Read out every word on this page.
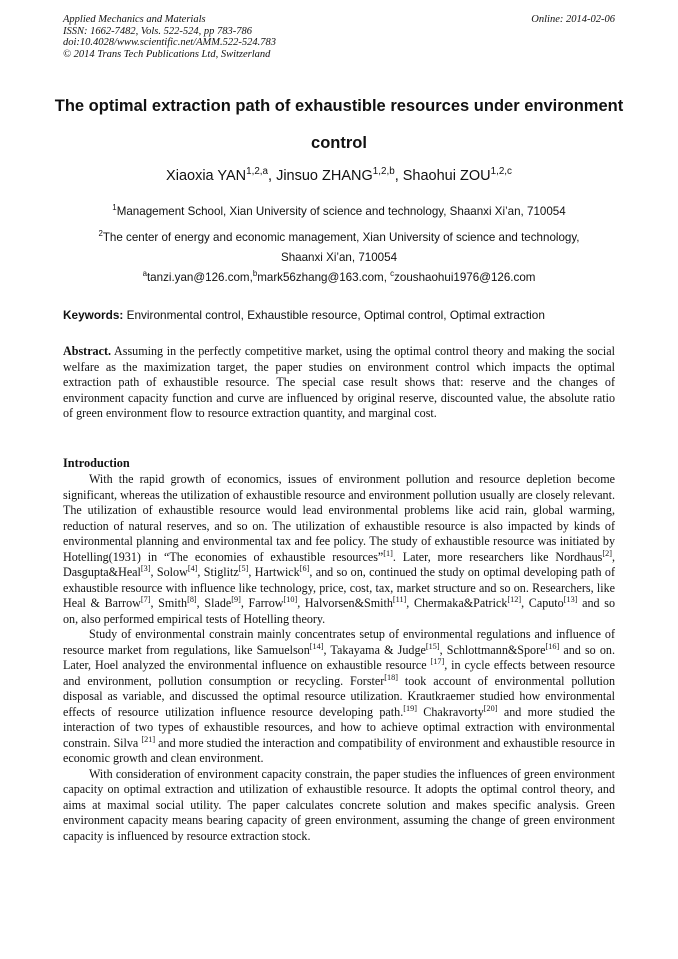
Applied Mechanics and Materials
ISSN: 1662-7482, Vols. 522-524, pp 783-786
doi:10.4028/www.scientific.net/AMM.522-524.783
© 2014 Trans Tech Publications Ltd, Switzerland
Online: 2014-02-06
The optimal extraction path of exhaustible resources under environment
control
Xiaoxia YAN$^{1,2,a}$, Jinsuo ZHANG$^{1,2,b}$, Shaohui ZOU$^{1,2,c}$
$^1$Management School, Xian University of science and technology, Shaanxi Xi’an, 710054
$^2$The center of energy and economic management, Xian University of science and technology,
Shaanxi Xi’an, 710054
$^a$tanzi.yan@126.com,$^b$mark56zhang@163.com, $^c$zoushaohui1976@126.com
Keywords: Environmental control, Exhaustible resource, Optimal control, Optimal extraction
Abstract. Assuming in the perfectly competitive market, using the optimal control theory and making the social welfare as the maximization target, the paper studies on environment control which impacts the optimal extraction path of exhaustible resource. The special case result shows that: reserve and the changes of environment capacity function and curve are influenced by original reserve, discounted value, the absolute ratio of green environment flow to resource extraction quantity, and marginal cost.
Introduction

With the rapid growth of economics, issues of environment pollution and resource depletion become significant, whereas the utilization of exhaustible resource and environment pollution usually are closely relevant. The utilization of exhaustible resource would lead environmental problems like acid rain, global warming, reduction of natural reserves, and so on. The utilization of exhaustible resource is also impacted by kinds of environmental planning and environmental tax and fee policy. The study of exhaustible resource was initiated by Hotelling(1931) in “The economies of exhaustible resources”[1]. Later, more researchers like Nordhaus[2], Dasgupta&Heal[3], Solow[4], Stiglitz[5], Hartwick[6], and so on, continued the study on optimal developing path of exhaustible resource with influence like technology, price, cost, tax, market structure and so on. Researchers, like Heal & Barrow[7], Smith[8], Slade[9], Farrow[10], Halvorsen&Smith[11], Chermaka&Patrick[12], Caputo[13] and so on, also performed empirical tests of Hotelling theory.

Study of environmental constrain mainly concentrates setup of environmental regulations and influence of resource market from regulations, like Samuelson[14], Takayama & Judge[15], Schlottmann&Spore[16] and so on. Later, Hoel analyzed the environmental influence on exhaustible resource [17], in cycle effects between resource and environment, pollution consumption or recycling. Forster[18] took account of environmental pollution disposal as variable, and discussed the optimal resource utilization. Krautkraemer studied how environmental effects of resource utilization influence resource developing path.[19] Chakravorty[20] and more studied the interaction of two types of exhaustible resources, and how to achieve optimal extraction with environmental constrain. Silva [21] and more studied the interaction and compatibility of environment and exhaustible resource in economic growth and clean environment.

With consideration of environment capacity constrain, the paper studies the influences of green environment capacity on optimal extraction and utilization of exhaustible resource. It adopts the optimal control theory, and aims at maximal social utility. The paper calculates concrete solution and makes specific analysis. Green environment capacity means bearing capacity of green environment, assuming the change of green environment capacity is influenced by resource extraction stock.
